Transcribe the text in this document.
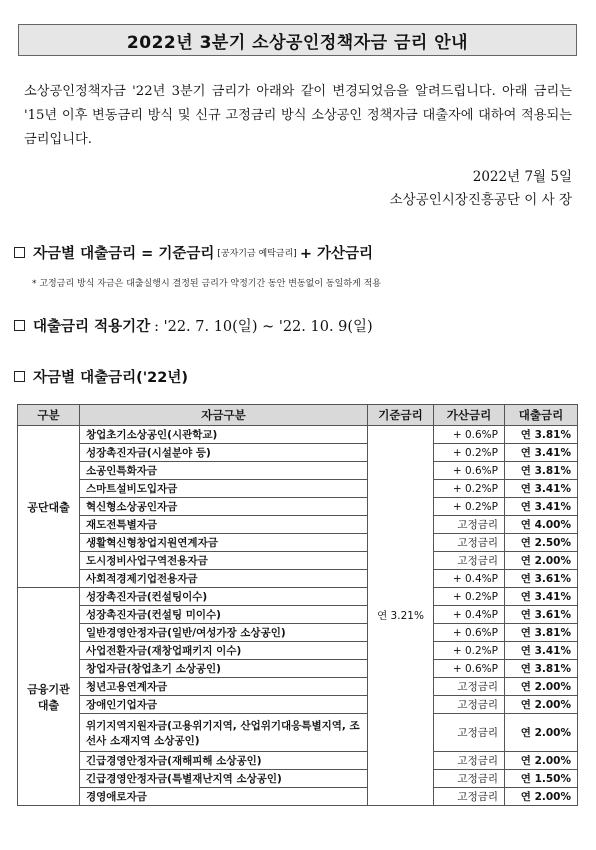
2022년 3분기 소상공인정책자금 금리 안내
소상공인정책자금 '22년 3분기 금리가 아래와 같이 변경되었음을 알려드립니다. 아래 금리는 '15년 이후 변동금리 방식 및 신규 고정금리 방식 소상공인 정책자금 대출자에 대하여 적용되는 금리입니다.
2022년 7월 5일
소상공인시장진흥공단 이 사 장
자금별 대출금리 = 기준금리 [공자기금 예탁금리] + 가산금리
* 고정금리 방식 자금은 대출실행시 결정된 금리가 약정기간 동안 변동없이 동일하게 적용
대출금리 적용기간 : '22. 7. 10(일) ~ '22. 10. 9(일)
자금별 대출금리('22년)
구분	자금구분	기준금리	가산금리	대출금리
공단대출	창업초기소상공인(시관학교)	연 3.21%	+ 0.6%P	연 3.81%
	성장촉진자금(시설분야 등)		+ 0.2%P	연 3.41%
	소공인특화자금		+ 0.6%P	연 3.81%
	스마트설비도입자금		+ 0.2%P	연 3.41%
	혁신형소상공인자금		+ 0.2%P	연 3.41%
	재도전특별자금		고정금리	연 4.00%
	생활혁신형창업지원연계자금		고정금리	연 2.50%
	도시정비사업구역전용자금		고정금리	연 2.00%
	사회적경제기업전용자금		+ 0.4%P	연 3.61%
금융기관 대출	성장촉진자금(컨설팅이수)		+ 0.2%P	연 3.41%
	성장촉진자금(컨설팅 미이수)		+ 0.4%P	연 3.61%
	일반경영안정자금(일반/여성가장 소상공인)		+ 0.6%P	연 3.81%
	사업전환자금(재창업패키지 이수)		+ 0.2%P	연 3.41%
	창업자금(창업초기 소상공인)		+ 0.6%P	연 3.81%
	청년고용연계자금		고정금리	연 2.00%
	장애인기업자금		고정금리	연 2.00%
	위기지역지원자금(고용위기지역, 산업위기대응특별지역, 조선사 소재지역 소상공인)		고정금리	연 2.00%
	긴급경영안정자금(재해피해 소상공인)		고정금리	연 2.00%
	긴급경영안정자금(특별재난지역 소상공인)		고정금리	연 1.50%
	경영애로자금		고정금리	연 2.00%
